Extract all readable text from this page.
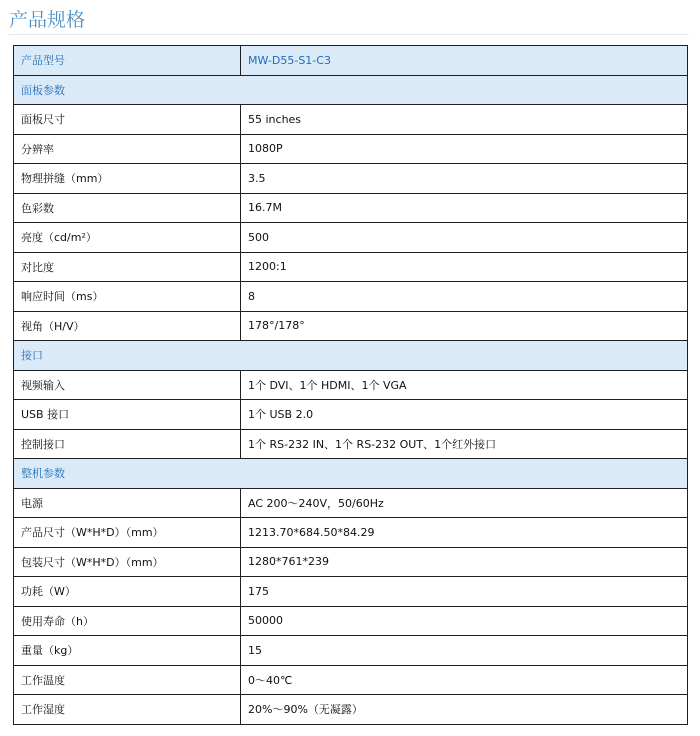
产品规格
产品型号	MW-D55-S1-C3
面板参数	
面板尺寸	55 inches
分辨率	1080P
物理拼缝（mm）	3.5
色彩数	16.7M
亮度（cd/m²）	500
对比度	1200:1
响应时间（ms）	8
视角（H/V）	178°/178°
接口	
视频输入	1个 DVI、1个 HDMI、1个 VGA
USB 接口	1个 USB 2.0
控制接口	1个 RS-232 IN、1个 RS-232 OUT、1个红外接口
整机参数	
电源	AC 200～240V，50/60Hz
产品尺寸（W*H*D）（mm）	1213.70*684.50*84.29
包装尺寸（W*H*D）（mm）	1280*761*239
功耗（W）	175
使用寿命（h）	50000
重量（kg）	15
工作温度	0～40℃
工作湿度	20%～90%（无凝露）
